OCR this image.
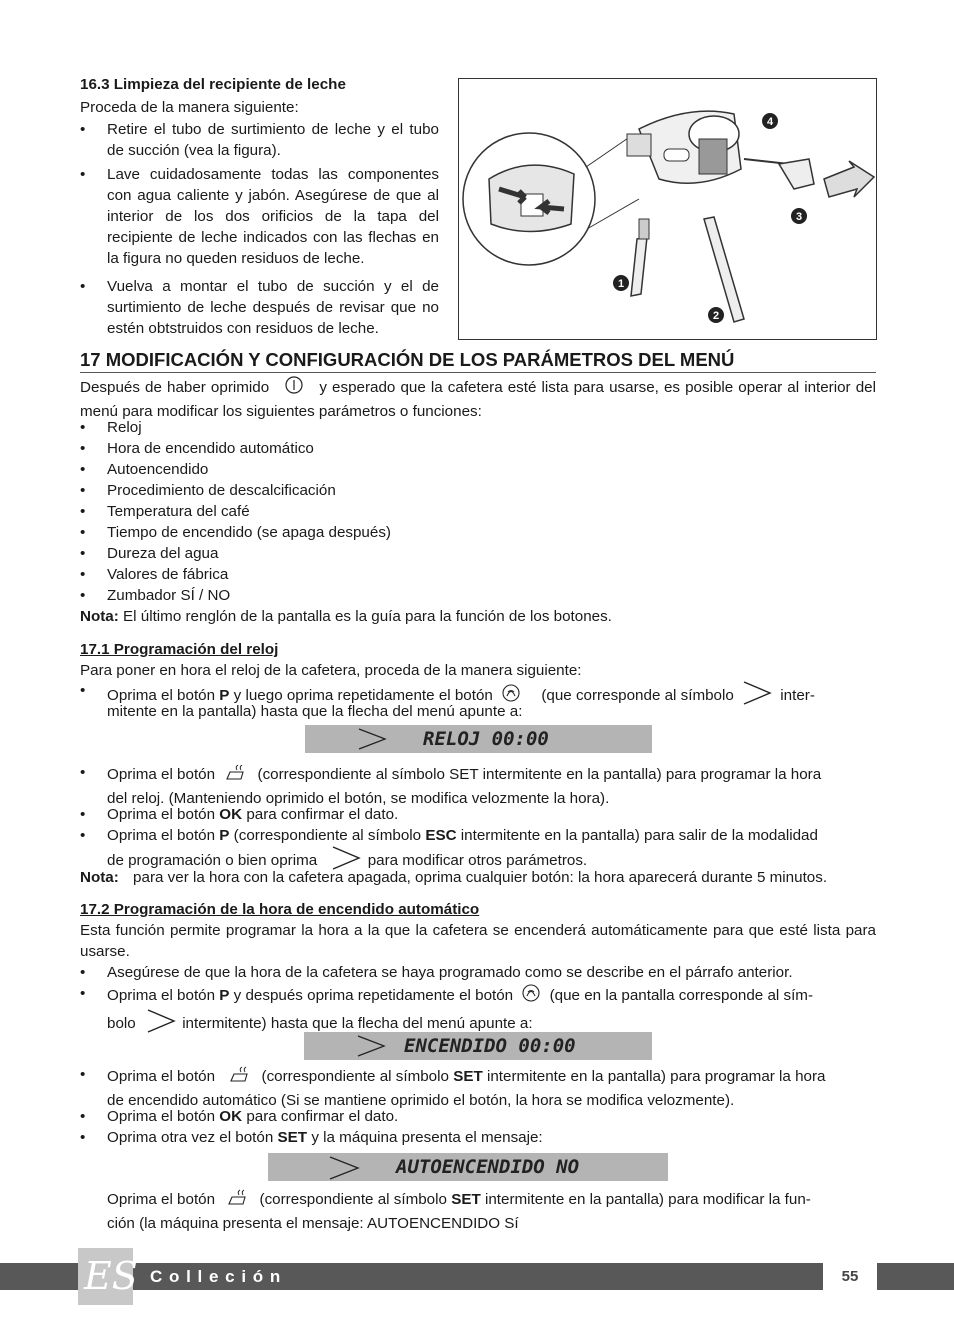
16.3 Limpieza del recipiente de leche
Proceda de la manera siguiente:
•	Retire el tubo de surtimiento de leche y el tubo de succión (vea la figura).
•	Lave cuidadosamente todas las componentes con agua caliente y jabón. Asegúrese de que al interior de los dos orificios de la tapa del recipiente de leche indicados con las flechas en la figura no queden residuos de leche.
•	Vuelva a montar el tubo de succión y el de surtimiento de leche después de revisar que no estén obtstruidos con residuos de leche.
4
3
1
2
17 MODIFICACIÓN Y CONFIGURACIÓN DE LOS PARÁMETROS DEL MENÚ
Después de haber oprimido	y esperado que la cafetera esté lista para usarse, es posible operar al interior del menú para modificar los siguientes parámetros o funciones:
•	Reloj
•	Hora de encendido automático
•	Autoencendido
•	Procedimiento de descalcificación
•	Temperatura del café
•	Tiempo de encendido (se apaga después)
•	Dureza del agua
•	Valores de fábrica
•	Zumbador SÍ / NO
Nota: El último renglón de la pantalla es la guía para la función de los botones.
17.1 Programación del reloj
Para poner en hora el reloj de la cafetera, proceda de la manera siguiente:
•	Oprima el botón P y luego oprima repetidamente el botón	(que corresponde al símbolo	inter-
mitente en la pantalla) hasta que la flecha del menú apunte a:
RELOJ 00:00
•	Oprima el botón	(correspondiente al símbolo SET intermitente en la pantalla) para programar la hora
del reloj. (Manteniendo oprimido el botón, se modifica velozmente la hora).
•	Oprima el botón OK para confirmar el dato.
•	Oprima el botón P (correspondiente al símbolo ESC intermitente en la pantalla) para salir de la modalidad
de programación o bien oprima	para modificar otros parámetros.
Nota: para ver la hora con la cafetera apagada, oprima cualquier botón: la hora aparecerá durante 5 minutos.
17.2 Programación de la hora de encendido automático
Esta función permite programar la hora a la que la cafetera se encenderá automáticamente para que esté lista para usarse.
•	Asegúrese de que la hora de la cafetera se haya programado como se describe en el párrafo anterior.
•	Oprima el botón P y después oprima repetidamente el botón (que en la pantalla corresponde al sím-
bolo	intermitente) hasta que la flecha del menú apunte a:
ENCENDIDO 00:00
•	Oprima el botón	(correspondiente al símbolo SET intermitente en la pantalla) para programar la hora
de encendido automático (Si se mantiene oprimido el botón, la hora se modifica velozmente).
•	Oprima el botón OK para confirmar el dato.
•	Oprima otra vez el botón SET y la máquina presenta el mensaje:
AUTOENCENDIDO NO
Oprima el botón	(correspondiente al símbolo SET intermitente en la pantalla) para modificar la fun-
ción (la máquina presenta el mensaje: AUTOENCENDIDO Sí
ES C o l l e c i ó n	55
